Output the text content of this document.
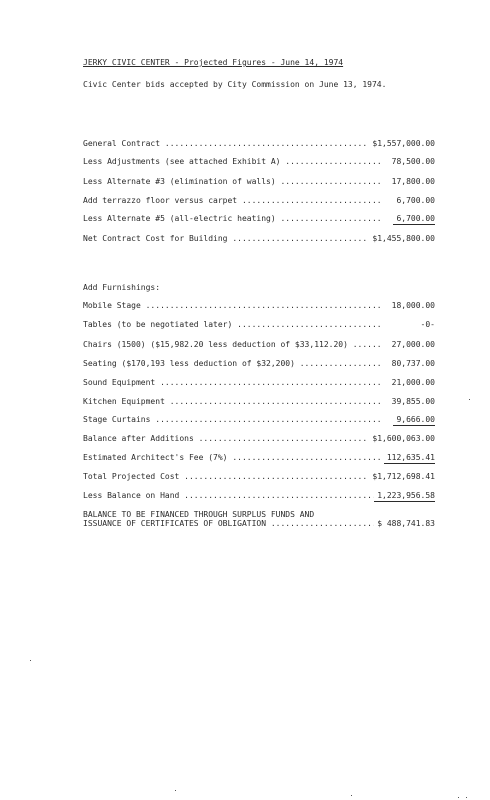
JERKY CIVIC CENTER - Projected Figures - June 14, 1974
Civic Center bids accepted by City Commission on June 13, 1974.
General Contract .....	$1,557,000.00
Less Adjustments (see attached Exhibit A) .....	78,500.00
Less Alternate #3 (elimination of walls) .....	17,800.00
Add terrazzo floor versus carpet .....	6,700.00
Less Alternate #5 (all-electric heating) .....	6,700.00
Net Contract Cost for Building .....	$1,455,800.00
Add Furnishings:
Mobile Stage .....	18,000.00
Tables (to be negotiated later) .....	-0-
Chairs (1500) ($15,982.20 less deduction of $33,112.20) .....	27,000.00
Seating ($170,193 less deduction of $32,200) .....	80,737.00
Sound Equipment .....	21,000.00
Kitchen Equipment .....	39,855.00
Stage Curtains .....	9,666.00
Balance after Additions .....	$1,600,063.00
Estimated Architect's Fee (7%) .....	112,635.41
Total Projected Cost .....	$1,712,698.41
Less Balance on Hand .....	1,223,956.58
BALANCE TO BE FINANCED THROUGH SURPLUS FUNDS AND
ISSUANCE OF CERTIFICATES OF OBLIGATION .....	$ 488,741.83
